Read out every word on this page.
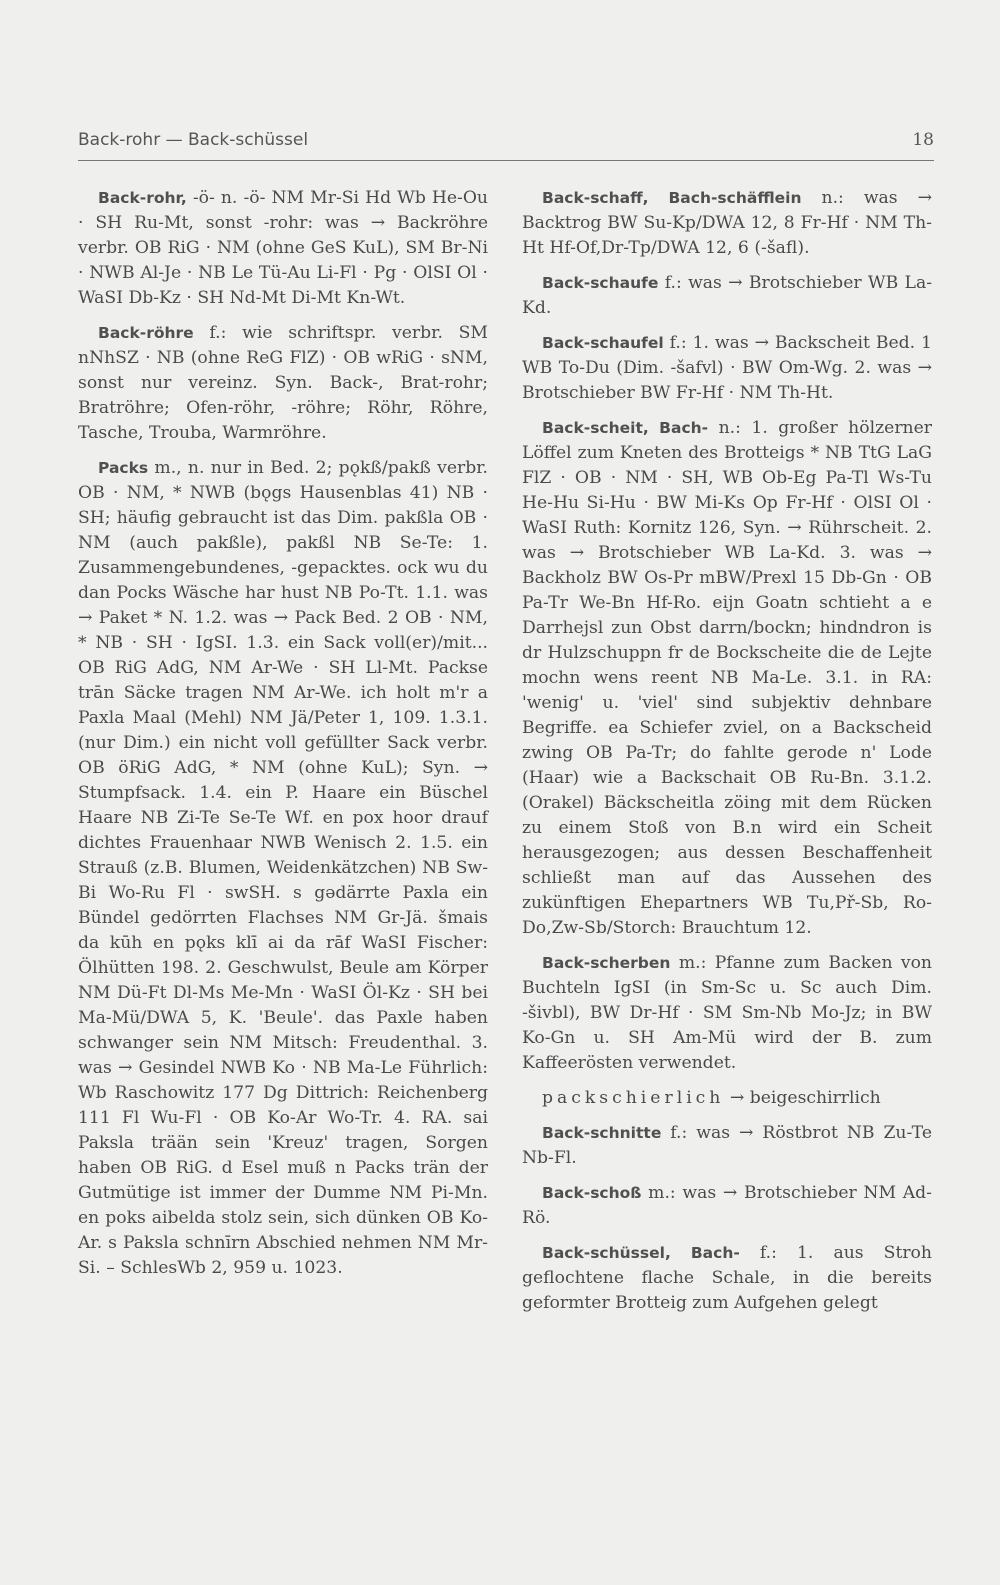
Back-rohr — Back-schüssel	18

Back-rohr, -ö- n. -ö- NM Mr-Si Hd Wb He-Ou · SH Ru-Mt, sonst -rohr: was → Backröhre verbr. OB RiG · NM (ohne GeS KuL), SM Br-Ni · NWB Al-Je · NB Le Tü-Au Li-Fl · Pg · OlSI Ol · WaSI Db-Kz · SH Nd-Mt Di-Mt Kn-Wt.

Back-röhre f.: wie schriftspr. verbr. SM nNhSZ · NB (ohne ReG FlZ) · OB wRiG · sNM, sonst nur vereinz. Syn. Back-, Brat-rohr; Bratröhre; Ofen-röhr, -röhre; Röhr, Röhre, Tasche, Trouba, Warmröhre.

Packs m., n. nur in Bed. 2; pǫkß/pakß verbr. OB · NM, * NWB (bǫgs Hausenblas 41) NB · SH; häufig gebraucht ist das Dim. pakßla OB · NM (auch pakßle), pakßl NB Se-Te: 1. Zusammengebundenes, -gepacktes. ock wu du dan Pocks Wäsche har hust NB Po-Tt. 1.1. was → Paket * N. 1.2. was → Pack Bed. 2 OB · NM, * NB · SH · IgSI. 1.3. ein Sack voll(er)/mit... OB RiG AdG, NM Ar-We · SH Ll-Mt. Packse trān Säcke tragen NM Ar-We. ich holt m'r a Paxla Maal (Mehl) NM Jä/Peter 1, 109. 1.3.1. (nur Dim.) ein nicht voll gefüllter Sack verbr. OB öRiG AdG, * NM (ohne KuL); Syn. → Stumpfsack. 1.4. ein P. Haare ein Büschel Haare NB Zi-Te Se-Te Wf. en pox hoor drauf dichtes Frauenhaar NWB Wenisch 2. 1.5. ein Strauß (z.B. Blumen, Weidenkätzchen) NB Sw-Bi Wo-Ru Fl · swSH. s gədärrte Paxla ein Bündel gedörrten Flachses NM Gr-Jä. šmais da kūh en pǫks klī ai da rāf WaSI Fischer: Ölhütten 198. 2. Geschwulst, Beule am Körper NM Dü-Ft Dl-Ms Me-Mn · WaSI Öl-Kz · SH bei Ma-Mü/DWA 5, K. 'Beule'. das Paxle haben schwanger sein NM Mitsch: Freudenthal. 3. was → Gesindel NWB Ko · NB Ma-Le Führlich: Wb Raschowitz 177 Dg Dittrich: Reichenberg 111 Fl Wu-Fl · OB Ko-Ar Wo-Tr. 4. RA. sai Paksla trään sein 'Kreuz' tragen, Sorgen haben OB RiG. d Esel muß n Packs trän der Gutmütige ist immer der Dumme NM Pi-Mn. en poks aibelda stolz sein, sich dünken OB Ko-Ar. s Paksla schnīrn Abschied nehmen NM Mr-Si. – SchlesWb 2, 959 u. 1023.

Back-schaff, Bach-schäfflein n.: was → Backtrog BW Su-Kp/DWA 12, 8 Fr-Hf · NM Th-Ht Hf-Of,Dr-Tp/DWA 12, 6 (-šafl).

Back-schaufe f.: was → Brotschieber WB La-Kd.

Back-schaufel f.: 1. was → Backscheit Bed. 1 WB To-Du (Dim. -šafvl) · BW Om-Wg. 2. was → Brotschieber BW Fr-Hf · NM Th-Ht.

Back-scheit, Bach- n.: 1. großer hölzerner Löffel zum Kneten des Brotteigs * NB TtG LaG FlZ · OB · NM · SH, WB Ob-Eg Pa-Tl Ws-Tu He-Hu Si-Hu · BW Mi-Ks Op Fr-Hf · OlSI Ol · WaSI Ruth: Kornitz 126, Syn. → Rührscheit. 2. was → Brotschieber WB La-Kd. 3. was → Backholz BW Os-Pr mBW/Prexl 15 Db-Gn · OB Pa-Tr We-Bn Hf-Ro. eijn Goatn schtieht a e Darrhejsl zun Obst darrn/bockn; hindndron is dr Hulzschuppn fr de Bockscheite die de Lejte mochn wens reent NB Ma-Le. 3.1. in RA: 'wenig' u. 'viel' sind subjektiv dehnbare Begriffe. ea Schiefer zviel, on a Backscheid zwing OB Pa-Tr; do fahlte gerode n' Lode (Haar) wie a Backschait OB Ru-Bn. 3.1.2. (Orakel) Bäckscheitla zöing mit dem Rücken zu einem Stoß von B.n wird ein Scheit herausgezogen; aus dessen Beschaffenheit schließt man auf das Aussehen des zukünftigen Ehepartners WB Tu,Př-Sb, Ro-Do,Zw-Sb/Storch: Brauchtum 12.

Back-scherben m.: Pfanne zum Backen von Buchteln IgSI (in Sm-Sc u. Sc auch Dim. -šivbl), BW Dr-Hf · SM Sm-Nb Mo-Jz; in BW Ko-Gn u. SH Am-Mü wird der B. zum Kaffeerösten verwendet.

packschierlich → beigeschirrlich

Back-schnitte f.: was → Röstbrot NB Zu-Te Nb-Fl.

Back-schoß m.: was → Brotschieber NM Ad-Rö.

Back-schüssel, Bach- f.: 1. aus Stroh geflochtene flache Schale, in die bereits geformter Brotteig zum Aufgehen gelegt
